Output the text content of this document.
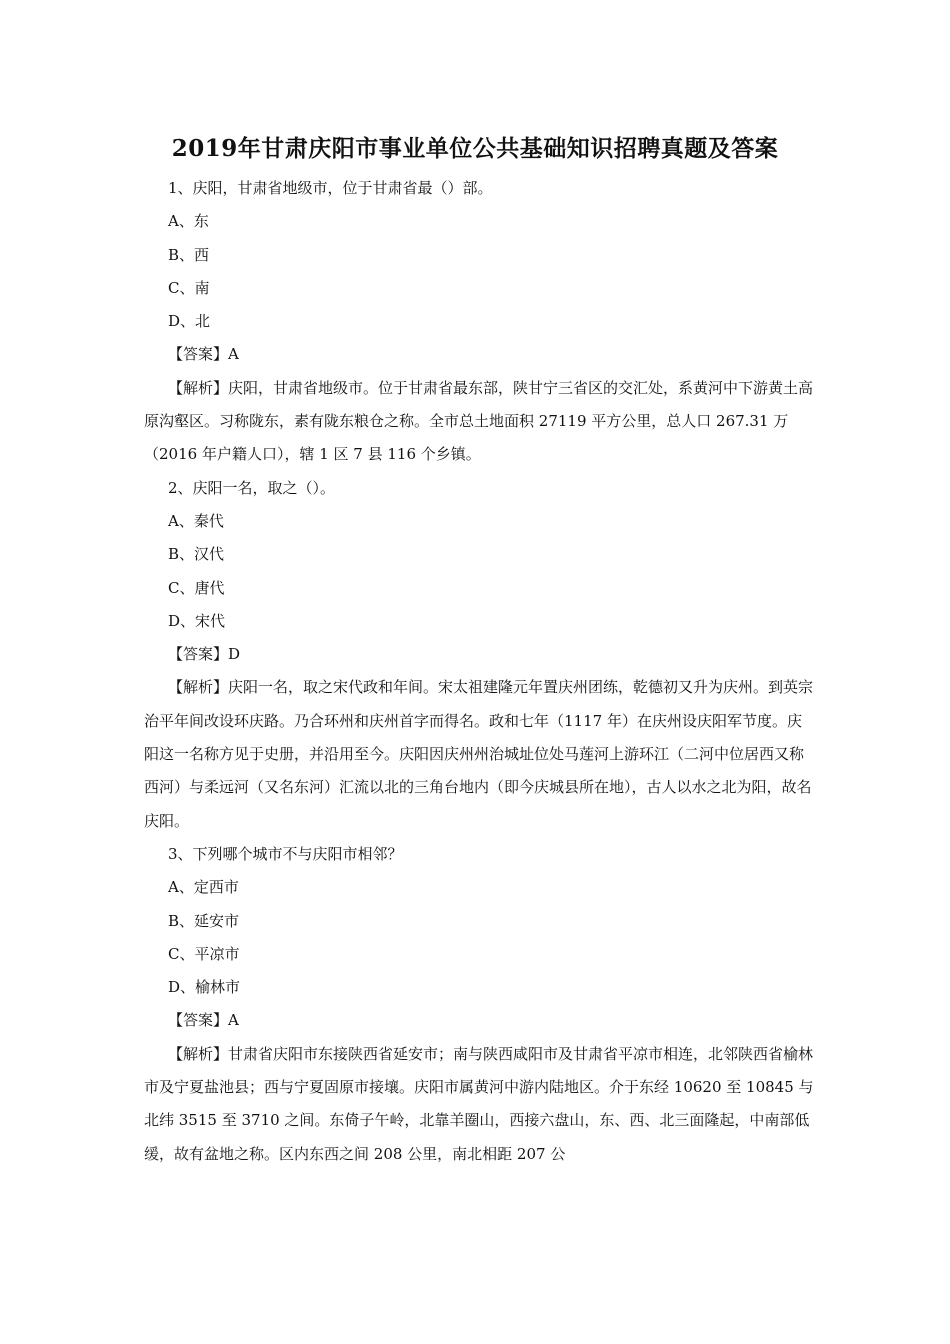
2019年甘肃庆阳市事业单位公共基础知识招聘真题及答案

1、庆阳，甘肃省地级市，位于甘肃省最（）部。

A、东

B、西

C、南

D、北

【答案】A

【解析】庆阳，甘肃省地级市。位于甘肃省最东部，陕甘宁三省区的交汇处，系黄河中下游黄土高原沟壑区。习称陇东，素有陇东粮仓之称。全市总土地面积 27119 平方公里，总人口 267.31 万（2016 年户籍人口），辖 1 区 7 县 116 个乡镇。

2、庆阳一名，取之（）。

A、秦代

B、汉代

C、唐代

D、宋代

【答案】D

【解析】庆阳一名，取之宋代政和年间。宋太祖建隆元年置庆州团练，乾德初又升为庆州。到英宗治平年间改设环庆路。乃合环州和庆州首字而得名。政和七年（1117 年）在庆州设庆阳军节度。庆阳这一名称方见于史册，并沿用至今。庆阳因庆州州治城址位处马莲河上游环江（二河中位居西又称西河）与柔远河（又名东河）汇流以北的三角台地内（即今庆城县所在地），古人以水之北为阳，故名庆阳。

3、下列哪个城市不与庆阳市相邻？

A、定西市

B、延安市

C、平凉市

D、榆林市

【答案】A

【解析】甘肃省庆阳市东接陕西省延安市；南与陕西咸阳市及甘肃省平凉市相连，北邻陕西省榆林市及宁夏盐池县；西与宁夏固原市接壤。庆阳市属黄河中游内陆地区。介于东经 10620 至 10845 与北纬 3515 至 3710 之间。东倚子午岭，北靠羊圈山，西接六盘山，东、西、北三面隆起，中南部低缓，故有盆地之称。区内东西之间 208 公里，南北相距 207 公
